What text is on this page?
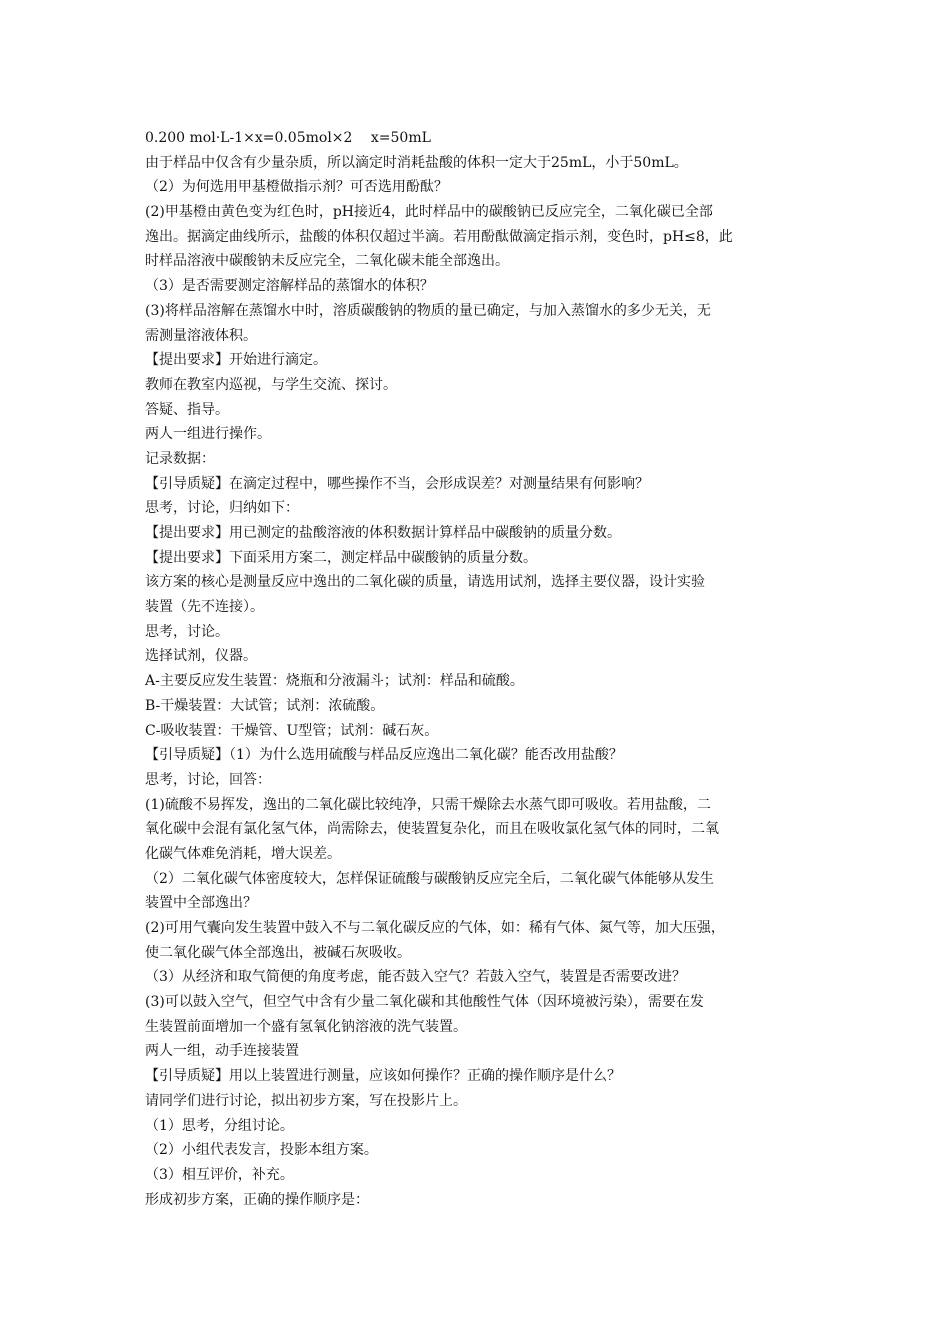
0.200 mol·L-1×x=0.05mol×2　 x=50mL
由于样品中仅含有少量杂质，所以滴定时消耗盐酸的体积一定大于25mL，小于50mL。
（2）为何选用甲基橙做指示剂？可否选用酚酞？
(2)甲基橙由黄色变为红色时，pH接近4，此时样品中的碳酸钠已反应完全，二氧化碳已全部
逸出。据滴定曲线所示，盐酸的体积仅超过半滴。若用酚酞做滴定指示剂，变色时，pH≤8，此
时样品溶液中碳酸钠未反应完全，二氧化碳未能全部逸出。
（3）是否需要测定溶解样品的蒸馏水的体积？
(3)将样品溶解在蒸馏水中时，溶质碳酸钠的物质的量已确定，与加入蒸馏水的多少无关，无
需测量溶液体积。
【提出要求】开始进行滴定。
教师在教室内巡视，与学生交流、探讨。
答疑、指导。
两人一组进行操作。
记录数据：
【引导质疑】在滴定过程中，哪些操作不当，会形成误差？对测量结果有何影响？
思考，讨论，归纳如下：
【提出要求】用已测定的盐酸溶液的体积数据计算样品中碳酸钠的质量分数。
【提出要求】下面采用方案二，测定样品中碳酸钠的质量分数。
该方案的核心是测量反应中逸出的二氧化碳的质量，请选用试剂，选择主要仪器，设计实验
装置（先不连接）。
思考，讨论。
选择试剂，仪器。
A-主要反应发生装置：烧瓶和分液漏斗；试剂：样品和硫酸。
B-干燥装置：大试管；试剂：浓硫酸。
C-吸收装置：干燥管、U型管；试剂：碱石灰。
【引导质疑】（1）为什么选用硫酸与样品反应逸出二氧化碳？能否改用盐酸？
思考，讨论，回答：
(1)硫酸不易挥发，逸出的二氧化碳比较纯净，只需干燥除去水蒸气即可吸收。若用盐酸，二
氧化碳中会混有氯化氢气体，尚需除去，使装置复杂化，而且在吸收氯化氢气体的同时，二氧
化碳气体难免消耗，增大误差。
（2）二氧化碳气体密度较大，怎样保证硫酸与碳酸钠反应完全后，二氧化碳气体能够从发生
装置中全部逸出？
(2)可用气囊向发生装置中鼓入不与二氧化碳反应的气体，如：稀有气体、氮气等，加大压强，
使二氧化碳气体全部逸出，被碱石灰吸收。
（3）从经济和取气简便的角度考虑，能否鼓入空气？若鼓入空气，装置是否需要改进？
(3)可以鼓入空气，但空气中含有少量二氧化碳和其他酸性气体（因环境被污染），需要在发
生装置前面增加一个盛有氢氧化钠溶液的洗气装置。
两人一组，动手连接装置
【引导质疑】用以上装置进行测量，应该如何操作？正确的操作顺序是什么？
请同学们进行讨论，拟出初步方案，写在投影片上。
（1）思考，分组讨论。
（2）小组代表发言，投影本组方案。
（3）相互评价，补充。
形成初步方案，正确的操作顺序是：
